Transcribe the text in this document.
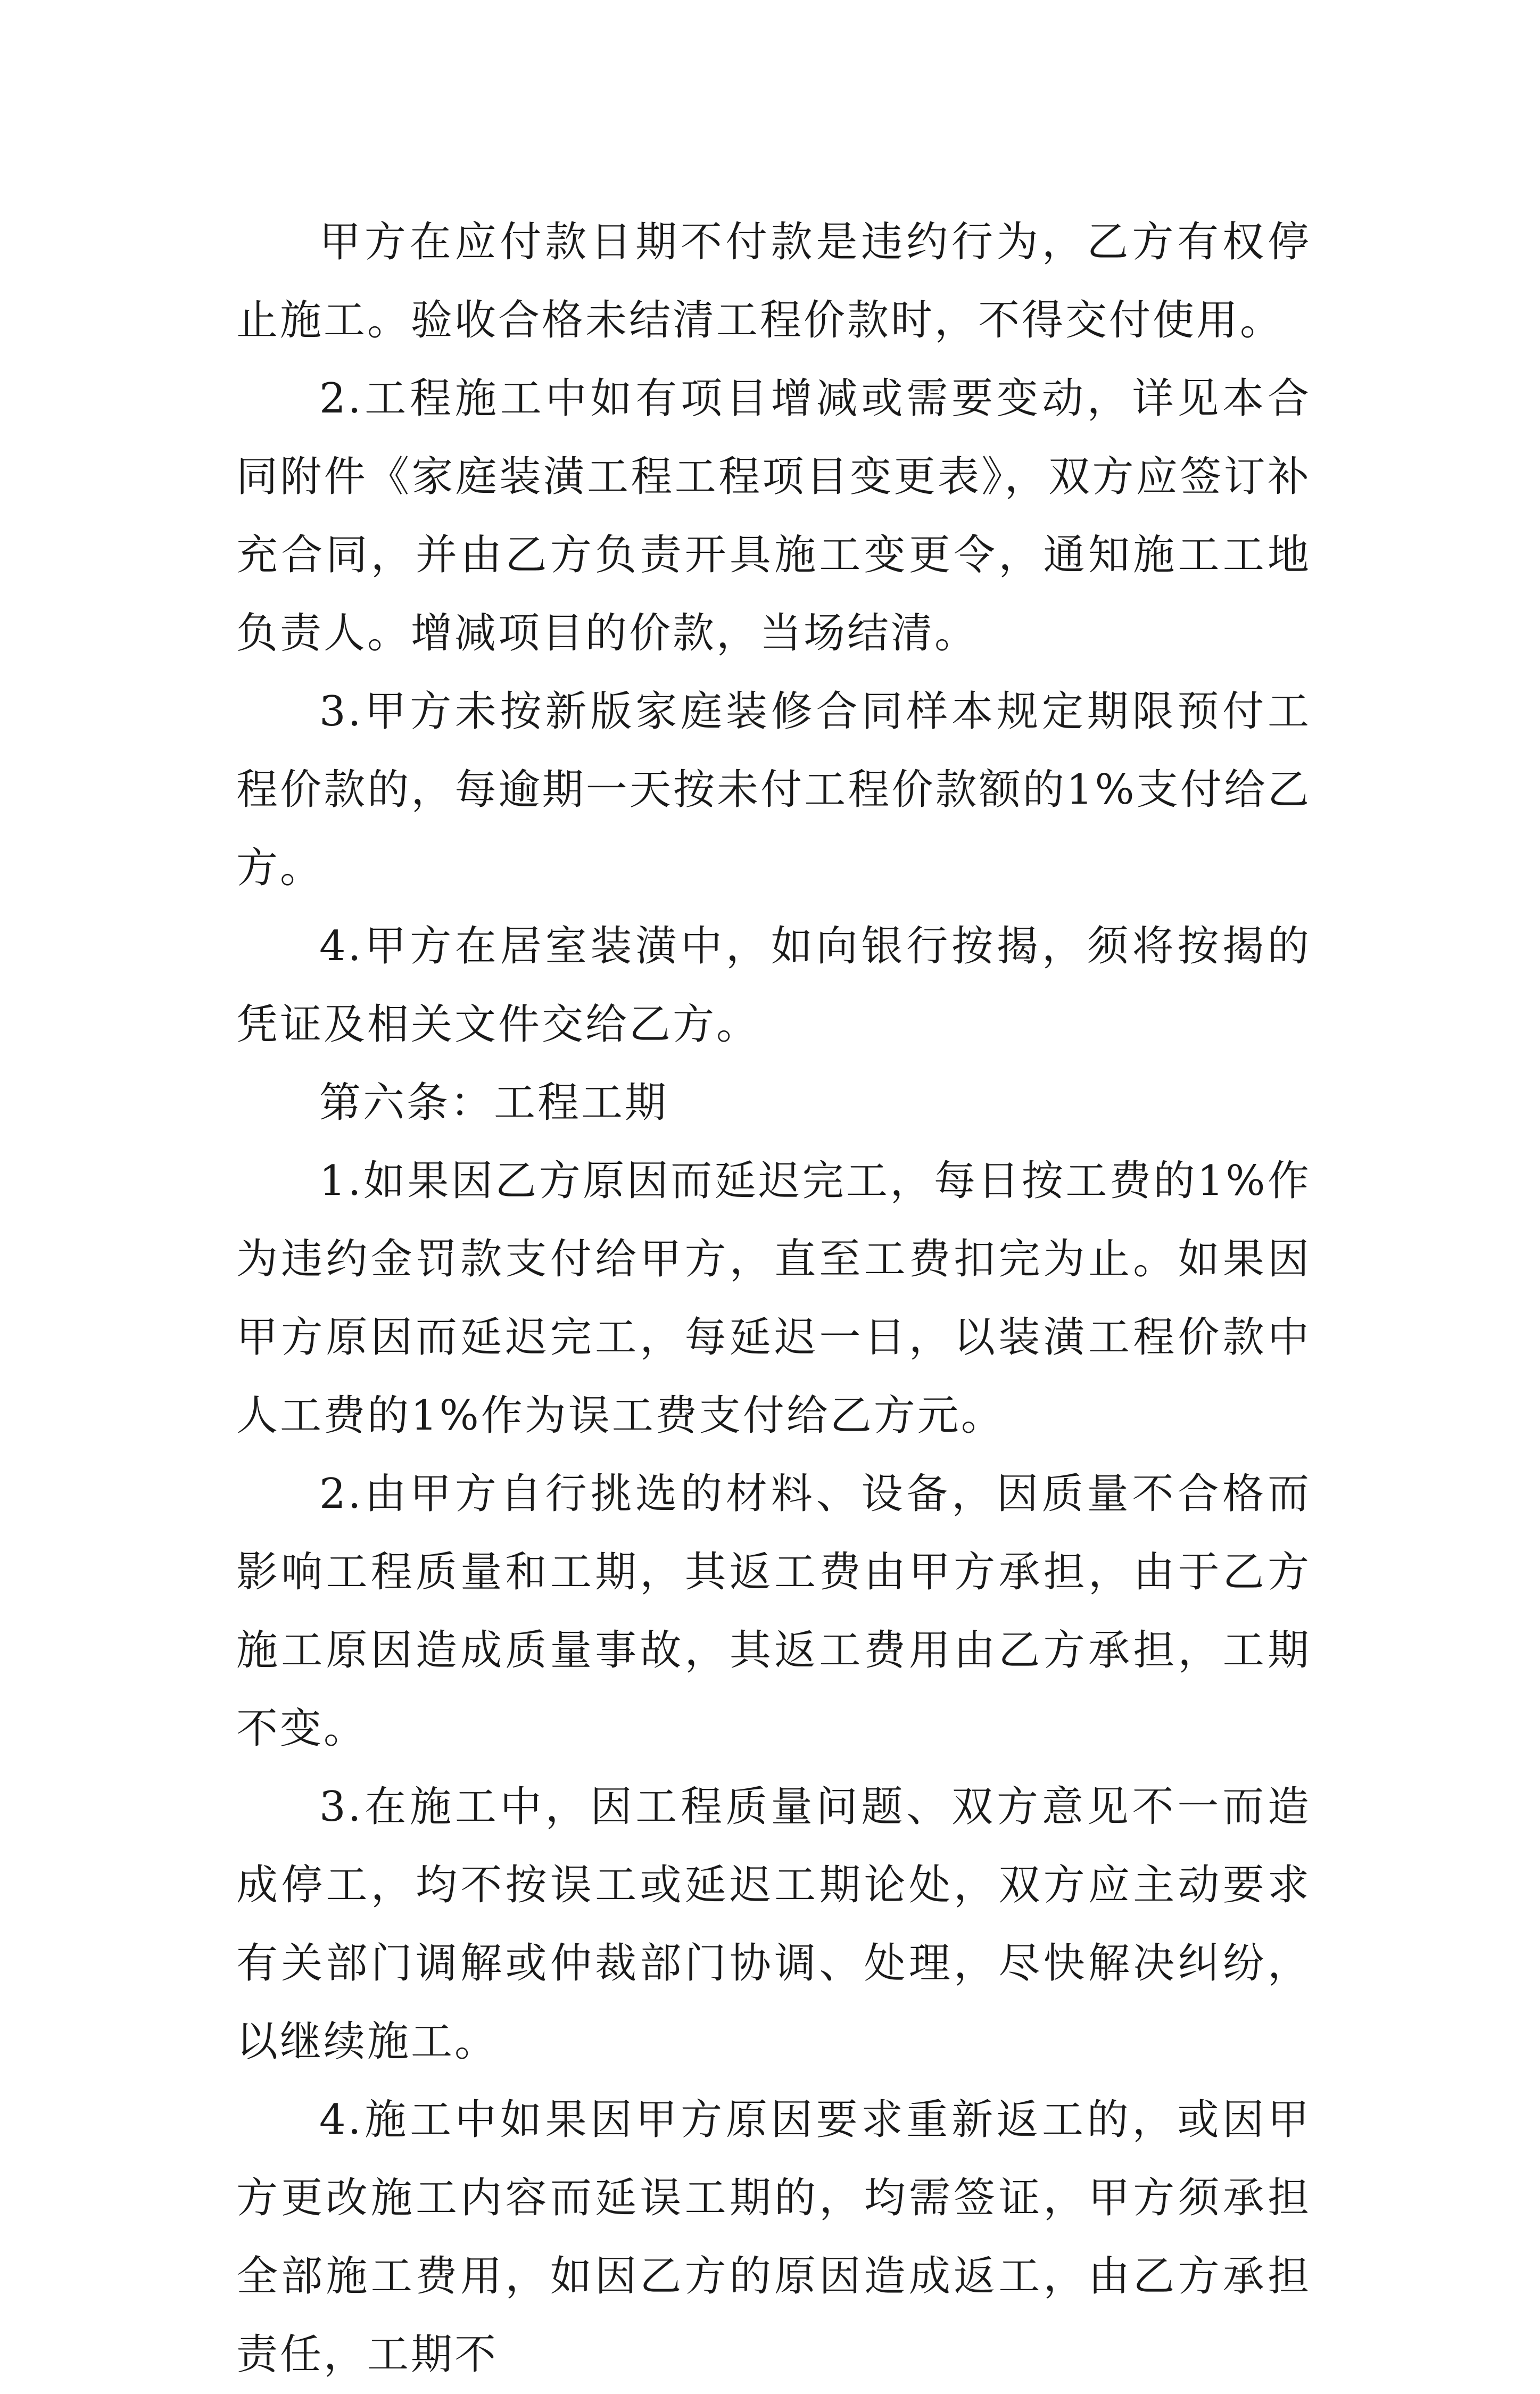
甲方在应付款日期不付款是违约行为，乙方有权停止施工。验收合格未结清工程价款时，不得交付使用。

2.工程施工中如有项目增减或需要变动，详见本合同附件《家庭装潢工程工程项目变更表》，双方应签订补充合同，并由乙方负责开具施工变更令，通知施工工地负责人。增减项目的价款，当场结清。

3.甲方未按新版家庭装修合同样本规定期限预付工程价款的，每逾期一天按未付工程价款额的1%支付给乙方。

4.甲方在居室装潢中，如向银行按揭，须将按揭的凭证及相关文件交给乙方。

第六条：工程工期

1.如果因乙方原因而延迟完工，每日按工费的1%作为违约金罚款支付给甲方，直至工费扣完为止。如果因甲方原因而延迟完工，每延迟一日，以装潢工程价款中人工费的1%作为误工费支付给乙方元。

2.由甲方自行挑选的材料、设备，因质量不合格而影响工程质量和工期，其返工费由甲方承担，由于乙方施工原因造成质量事故，其返工费用由乙方承担，工期不变。

3.在施工中，因工程质量问题、双方意见不一而造成停工，均不按误工或延迟工期论处，双方应主动要求有关部门调解或仲裁部门协调、处理，尽快解决纠纷，以继续施工。

4.施工中如果因甲方原因要求重新返工的，或因甲方更改施工内容而延误工期的，均需签证，甲方须承担全部施工费用，如因乙方的原因造成返工，由乙方承担责任，工期不
